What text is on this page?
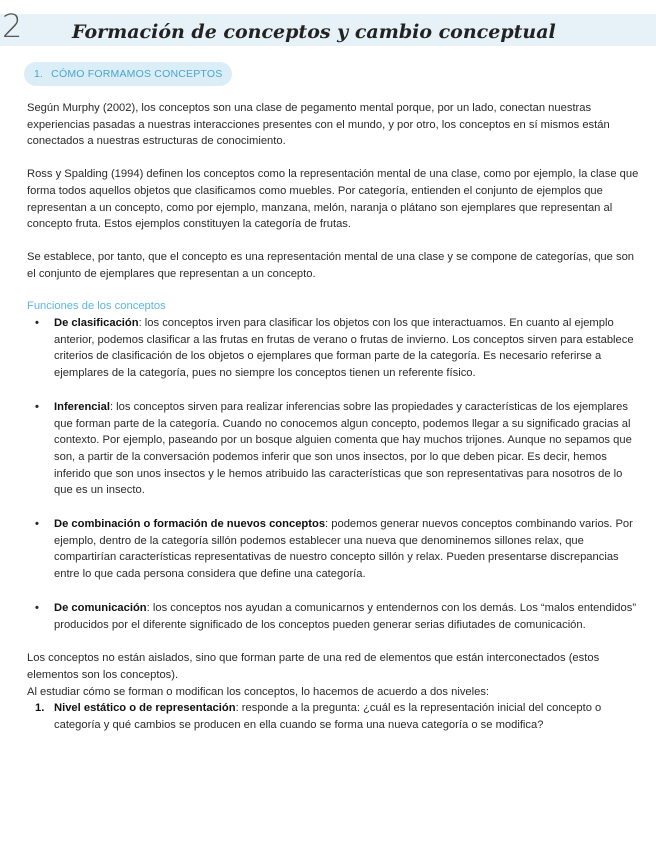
2	Formación de conceptos y cambio conceptual
1. CÓMO FORMAMOS CONCEPTOS

Según Murphy (2002), los conceptos son una clase de pegamento mental porque, por un lado, conectan nuestras experiencias pasadas a nuestras interacciones presentes con el mundo, y por otro, los conceptos en sí mismos están conectados a nuestras estructuras de conocimiento.

Ross y Spalding (1994) definen los conceptos como la representación mental de una clase, como por ejemplo, la clase que forma todos aquellos objetos que clasificamos como muebles. Por categoría, entienden el conjunto de ejemplos que representan a un concepto, como por ejemplo, manzana, melón, naranja o plátano son ejemplares que representan al concepto fruta. Estos ejemplos constituyen la categoría de frutas.

Se establece, por tanto, que el concepto es una representación mental de una clase y se compone de categorías, que son el conjunto de ejemplares que representan a un concepto.

Funciones de los conceptos

• De clasificación: los conceptos irven para clasificar los objetos con los que interactuamos. En cuanto al ejemplo anterior, podemos clasificar a las frutas en frutas de verano o frutas de invierno. Los conceptos sirven para establece criterios de clasificación de los objetos o ejemplares que forman parte de la categoría. Es necesario referirse a ejemplares de la categoría, pues no siempre los conceptos tienen un referente físico.
• Inferencial: los conceptos sirven para realizar inferencias sobre las propiedades y características de los ejemplares que forman parte de la categoría. Cuando no conocemos algun concepto, podemos llegar a su significado gracias al contexto. Por ejemplo, paseando por un bosque alguien comenta que hay muchos trijones. Aunque no sepamos que son, a partir de la conversación podemos inferir que son unos insectos, por lo que deben picar. Es decir, hemos inferido que son unos insectos y le hemos atribuido las características que son representativas para nosotros de lo que es un insecto.
• De combinación o formación de nuevos conceptos: podemos generar nuevos conceptos combinando varios. Por ejemplo, dentro de la categoría sillón podemos establecer una nueva que denominemos sillones relax, que compartirían características representativas de nuestro concepto sillón y relax. Pueden presentarse discrepancias entre lo que cada persona considera que define una categoría.
• De comunicación: los conceptos nos ayudan a comunicarnos y entendernos con los demás. Los “malos entendidos” producidos por el diferente significado de los conceptos pueden generar serias difiutades de comunicación.

Los conceptos no están aislados, sino que forman parte de una red de elementos que están interconectados (estos elementos son los conceptos).

Al estudiar cómo se forman o modifican los conceptos, lo hacemos de acuerdo a dos niveles:

1. Nivel estático o de representación: responde a la pregunta: ¿cuál es la representación inicial del concepto o categoría y qué cambios se producen en ella cuando se forma una nueva categoría o se modifica?
